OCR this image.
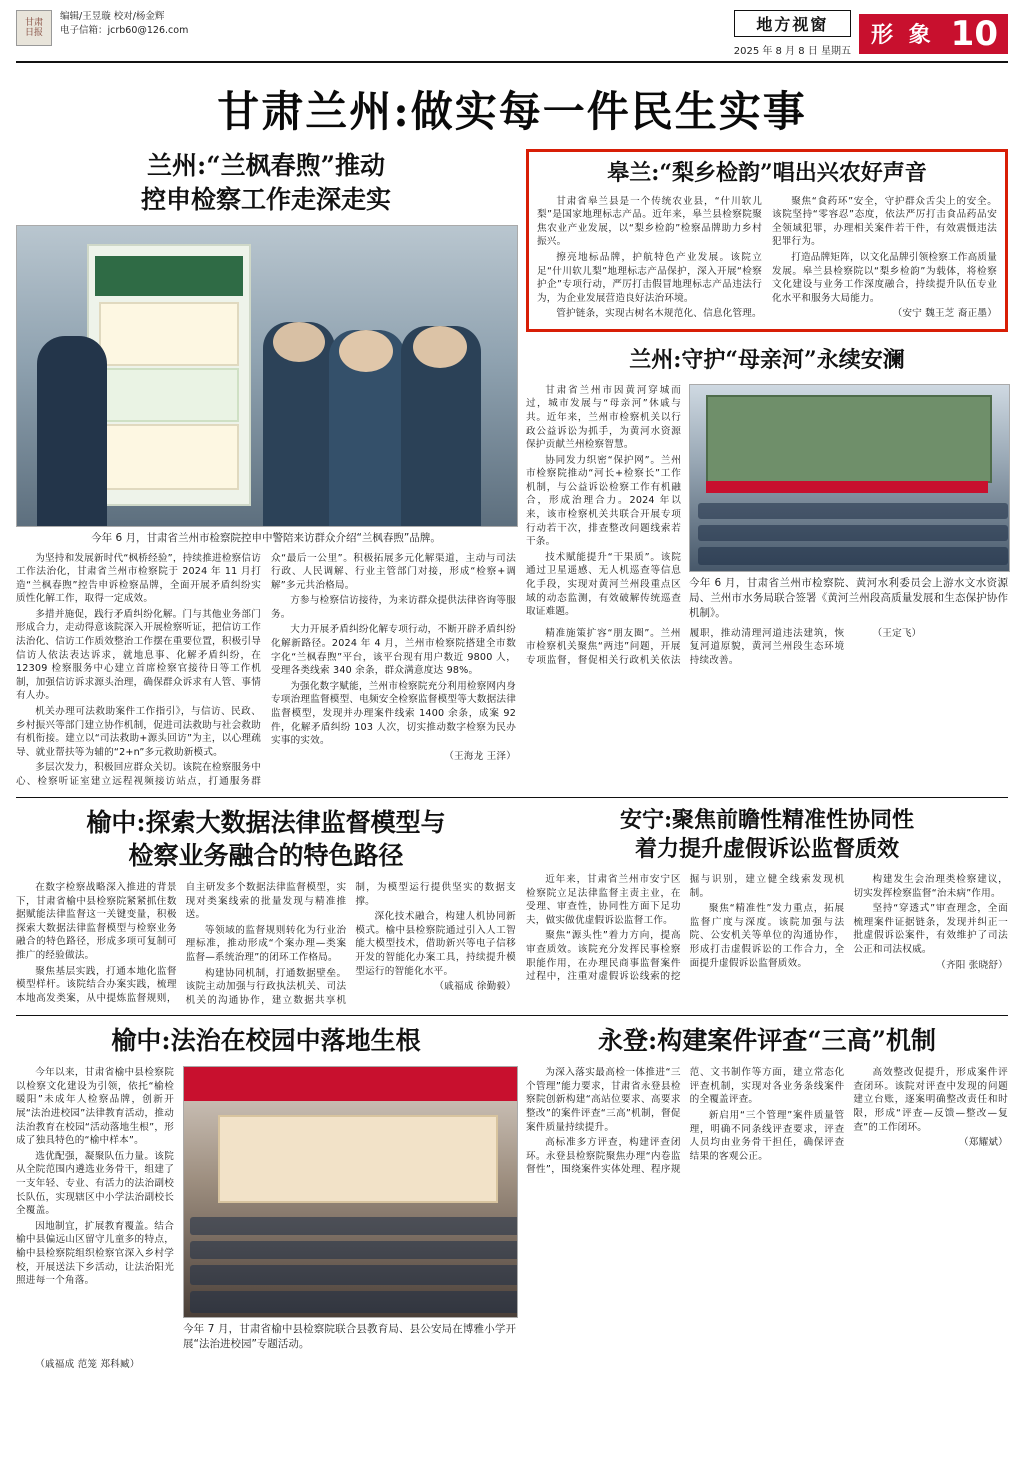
甘肃
日报
编辑/王昱璇 校对/杨金辉
电子信箱：jcrb60@126.com	地方视窗
2025 年 8 月 8 日 星期五
形 象 10
甘肃兰州:做实每一件民生实事
兰州:“兰枫春煦”推动
控申检察工作走深走实
今年 6 月，甘肃省兰州市检察院控申中警陪来访群众介绍“兰枫春煦”品牌。

为坚持和发展新时代“枫桥经验”，持续推进检察信访工作法治化，甘肃省兰州市检察院于 2024 年 11 月打造“兰枫春煦”控告申诉检察品牌，全面开展矛盾纠纷实质性化解工作，取得一定成效。

多措并施促，践行矛盾纠纷化解。门与其他业务部门形成合力，走动得意该院深入开展检察听证，把信访工作法治化、信访工作质效整治工作摆在重要位置，积极引导信访人依法表达诉求，就地息事、化解矛盾纠纷，在 12309 检察服务中心建立首席检察官接待日等工作机制，加强信访诉求源头治理，确保群众诉求有人管、事情有人办。

机关办理可法救助案件工作指引》，与信访、民政、乡村振兴等部门建立协作机制，促进司法救助与社会救助有机衔接。建立以“司法救助+源头回访”为主，以心理疏导、就业帮扶等为辅的“2+n”多元救助新模式。

多层次发力，积极回应群众关切。该院在检察服务中心、检察听证室建立远程视频接访站点，打通服务群众“最后一公里”。积极拓展多元化解渠道，主动与司法行政、人民调解、行业主管部门对接，形成“检察+调解”多元共治格局。

方参与检察信访接待，为来访群众提供法律咨询等服务。

大力开展矛盾纠纷化解专项行动，不断开辟矛盾纠纷化解新路径。2024 年 4 月，兰州市检察院搭建全市数字化“兰枫春煦”平台，该平台现有用户数近 9800 人，受理各类线索 340 余条，群众满意度达 98%。

为强化数字赋能，兰州市检察院充分利用检察网内身专项治理监督模型、电频安全检察监督模型等大数据法律监督模型，发现并办理案件线索 1400 余条，成案 92 件，化解矛盾纠纷 103 人次，切实推动数字检察为民办实事的实效。

（王海龙 王泽）

皋兰:“梨乡检韵”唱出兴农好声音

甘肃省皋兰县是一个传统农业县，“什川软儿梨”是国家地理标志产品。近年来，皋兰县检察院聚焦农业产业发展，以“梨乡检韵”检察品牌助力乡村振兴。

擦亮地标品牌，护航特色产业发展。该院立足“什川软儿梨”地理标志产品保护，深入开展“检察护企”专项行动，严厉打击假冒地理标志产品违法行为，为企业发展营造良好法治环境。

管护链条，实现古树名木规范化、信息化管理。

聚焦“食药环”安全，守护群众舌尖上的安全。该院坚持“零容忍”态度，依法严厉打击食品药品安全领域犯罪，办理相关案件若干件，有效震慑违法犯罪行为。

打造品牌矩阵，以文化品牌引领检察工作高质量发展。皋兰县检察院以“梨乡检韵”为载体，将检察文化建设与业务工作深度融合，持续提升队伍专业化水平和服务大局能力。

（安宁 魏王芝 裔正墨）

兰州:守护“母亲河”永续安澜

甘肃省兰州市因黄河穿城而过，城市发展与“母亲河”休戚与共。近年来，兰州市检察机关以行政公益诉讼为抓手，为黄河水资源保护贡献兰州检察智慧。

协同发力织密“保护网”。兰州市检察院推动“河长+检察长”工作机制，与公益诉讼检察工作有机融合，形成治理合力。2024 年以来，该市检察机关共联合开展专项行动若干次，排查整改问题线索若干条。

技术赋能提升“干果质”。该院通过卫星遥感、无人机巡查等信息化手段，实现对黄河兰州段重点区域的动态监测，有效破解传统巡查取证难题。

今年 6 月，甘肃省兰州市检察院、黄河水利委员会上游水文水资源局、兰州市水务局联合签署《黄河兰州段高质量发展和生态保护协作机制》。

精准施策扩容“朋友圈”。兰州市检察机关聚焦“两违”问题，开展专项监督，督促相关行政机关依法履职，推动清理河道违法建筑，恢复河道原貌，黄河兰州段生态环境持续改善。

（王定飞）

榆中:探索大数据法律监督模型与
检察业务融合的特色路径

在数字检察战略深入推进的背景下，甘肃省榆中县检察院紧紧抓住数据赋能法律监督这一关键变量，积极探索大数据法律监督模型与检察业务融合的特色路径，形成多项可复制可推广的经验做法。

聚焦基层实践，打通本地化监督模型样杆。该院结合办案实践，梳理本地高发类案，从中提炼监督规则，自主研发多个数据法律监督模型，实现对类案线索的批量发现与精准推送。

等领域的监督规则转化为行业治理标准，推动形成“个案办理—类案监督—系统治理”的闭环工作格局。

构建协同机制，打通数据壁垒。该院主动加强与行政执法机关、司法机关的沟通协作，建立数据共享机制，为模型运行提供坚实的数据支撑。

深化技术融合，构建人机协同新模式。榆中县检察院通过引入人工智能大模型技术，借助新兴等电子信移开发的智能化办案工具，持续提升模型运行的智能化水平。

（戚福成 徐勤毅）

安宁:聚焦前瞻性精准性协同性
着力提升虚假诉讼监督质效

近年来，甘肃省兰州市安宁区检察院立足法律监督主责主业，在受理、审查性，协同性方面下足功夫，做实做优虚假诉讼监督工作。

聚焦“源头性”着力方向，提高审查质效。该院充分发挥民事检察职能作用，在办理民商事监督案件过程中，注重对虚假诉讼线索的挖掘与识别，建立健全线索发现机制。

聚焦“精准性”发力重点，拓展监督广度与深度。该院加强与法院、公安机关等单位的沟通协作，形成打击虚假诉讼的工作合力，全面提升虚假诉讼监督质效。

构建发生会治理类检察建议，切实发挥检察监督“治未病”作用。

坚持“穿透式”审查理念，全面梳理案件证据链条，发现并纠正一批虚假诉讼案件，有效维护了司法公正和司法权威。

（齐阳 张晓舒）

榆中:法治在校园中落地生根

今年以来，甘肃省榆中县检察院以检察文化建设为引领，依托“榆检暖阳”未成年人检察品牌，创新开展“法治进校园”法律教育活动，推动法治教育在校园“活动落地生根”，形成了独具特色的“榆中样本”。

选优配强，凝聚队伍力量。该院从全院范围内遴选业务骨干，组建了一支年轻、专业、有活力的法治副校长队伍，实现辖区中小学法治副校长全覆盖。

因地制宜，扩展教育覆盖。结合榆中县偏远山区留守儿童多的特点，榆中县检察院组织检察官深入乡村学校，开展送法下乡活动，让法治阳光照进每一个角落。

今年 7 月，甘肃省榆中县检察院联合县教育局、县公安局在博雅小学开展“法治进校园”专题活动。

（戚福成 范笼 郑科臧）

永登:构建案件评查“三高”机制

为深入落实最高检一体推进“三个管理”能力要求，甘肃省永登县检察院创新构建“高站位要求、高要求整改”的案件评查“三高”机制，督促案件质量持续提升。

高标准多方评查，构建评查闭环。永登县检察院聚焦办理“内卷监督性”，围绕案件实体处理、程序规范、文书制作等方面，建立常态化评查机制，实现对各业务条线案件的全覆盖评查。

新启用“三个管理”案件质量管理，明确不同条线评查要求，评查人员均由业务骨干担任，确保评查结果的客观公正。

高效整改促提升，形成案件评查闭环。该院对评查中发现的问题建立台账，逐案明确整改责任和时限，形成“评查—反馈—整改—复查”的工作闭环。

（郑耀斌）
